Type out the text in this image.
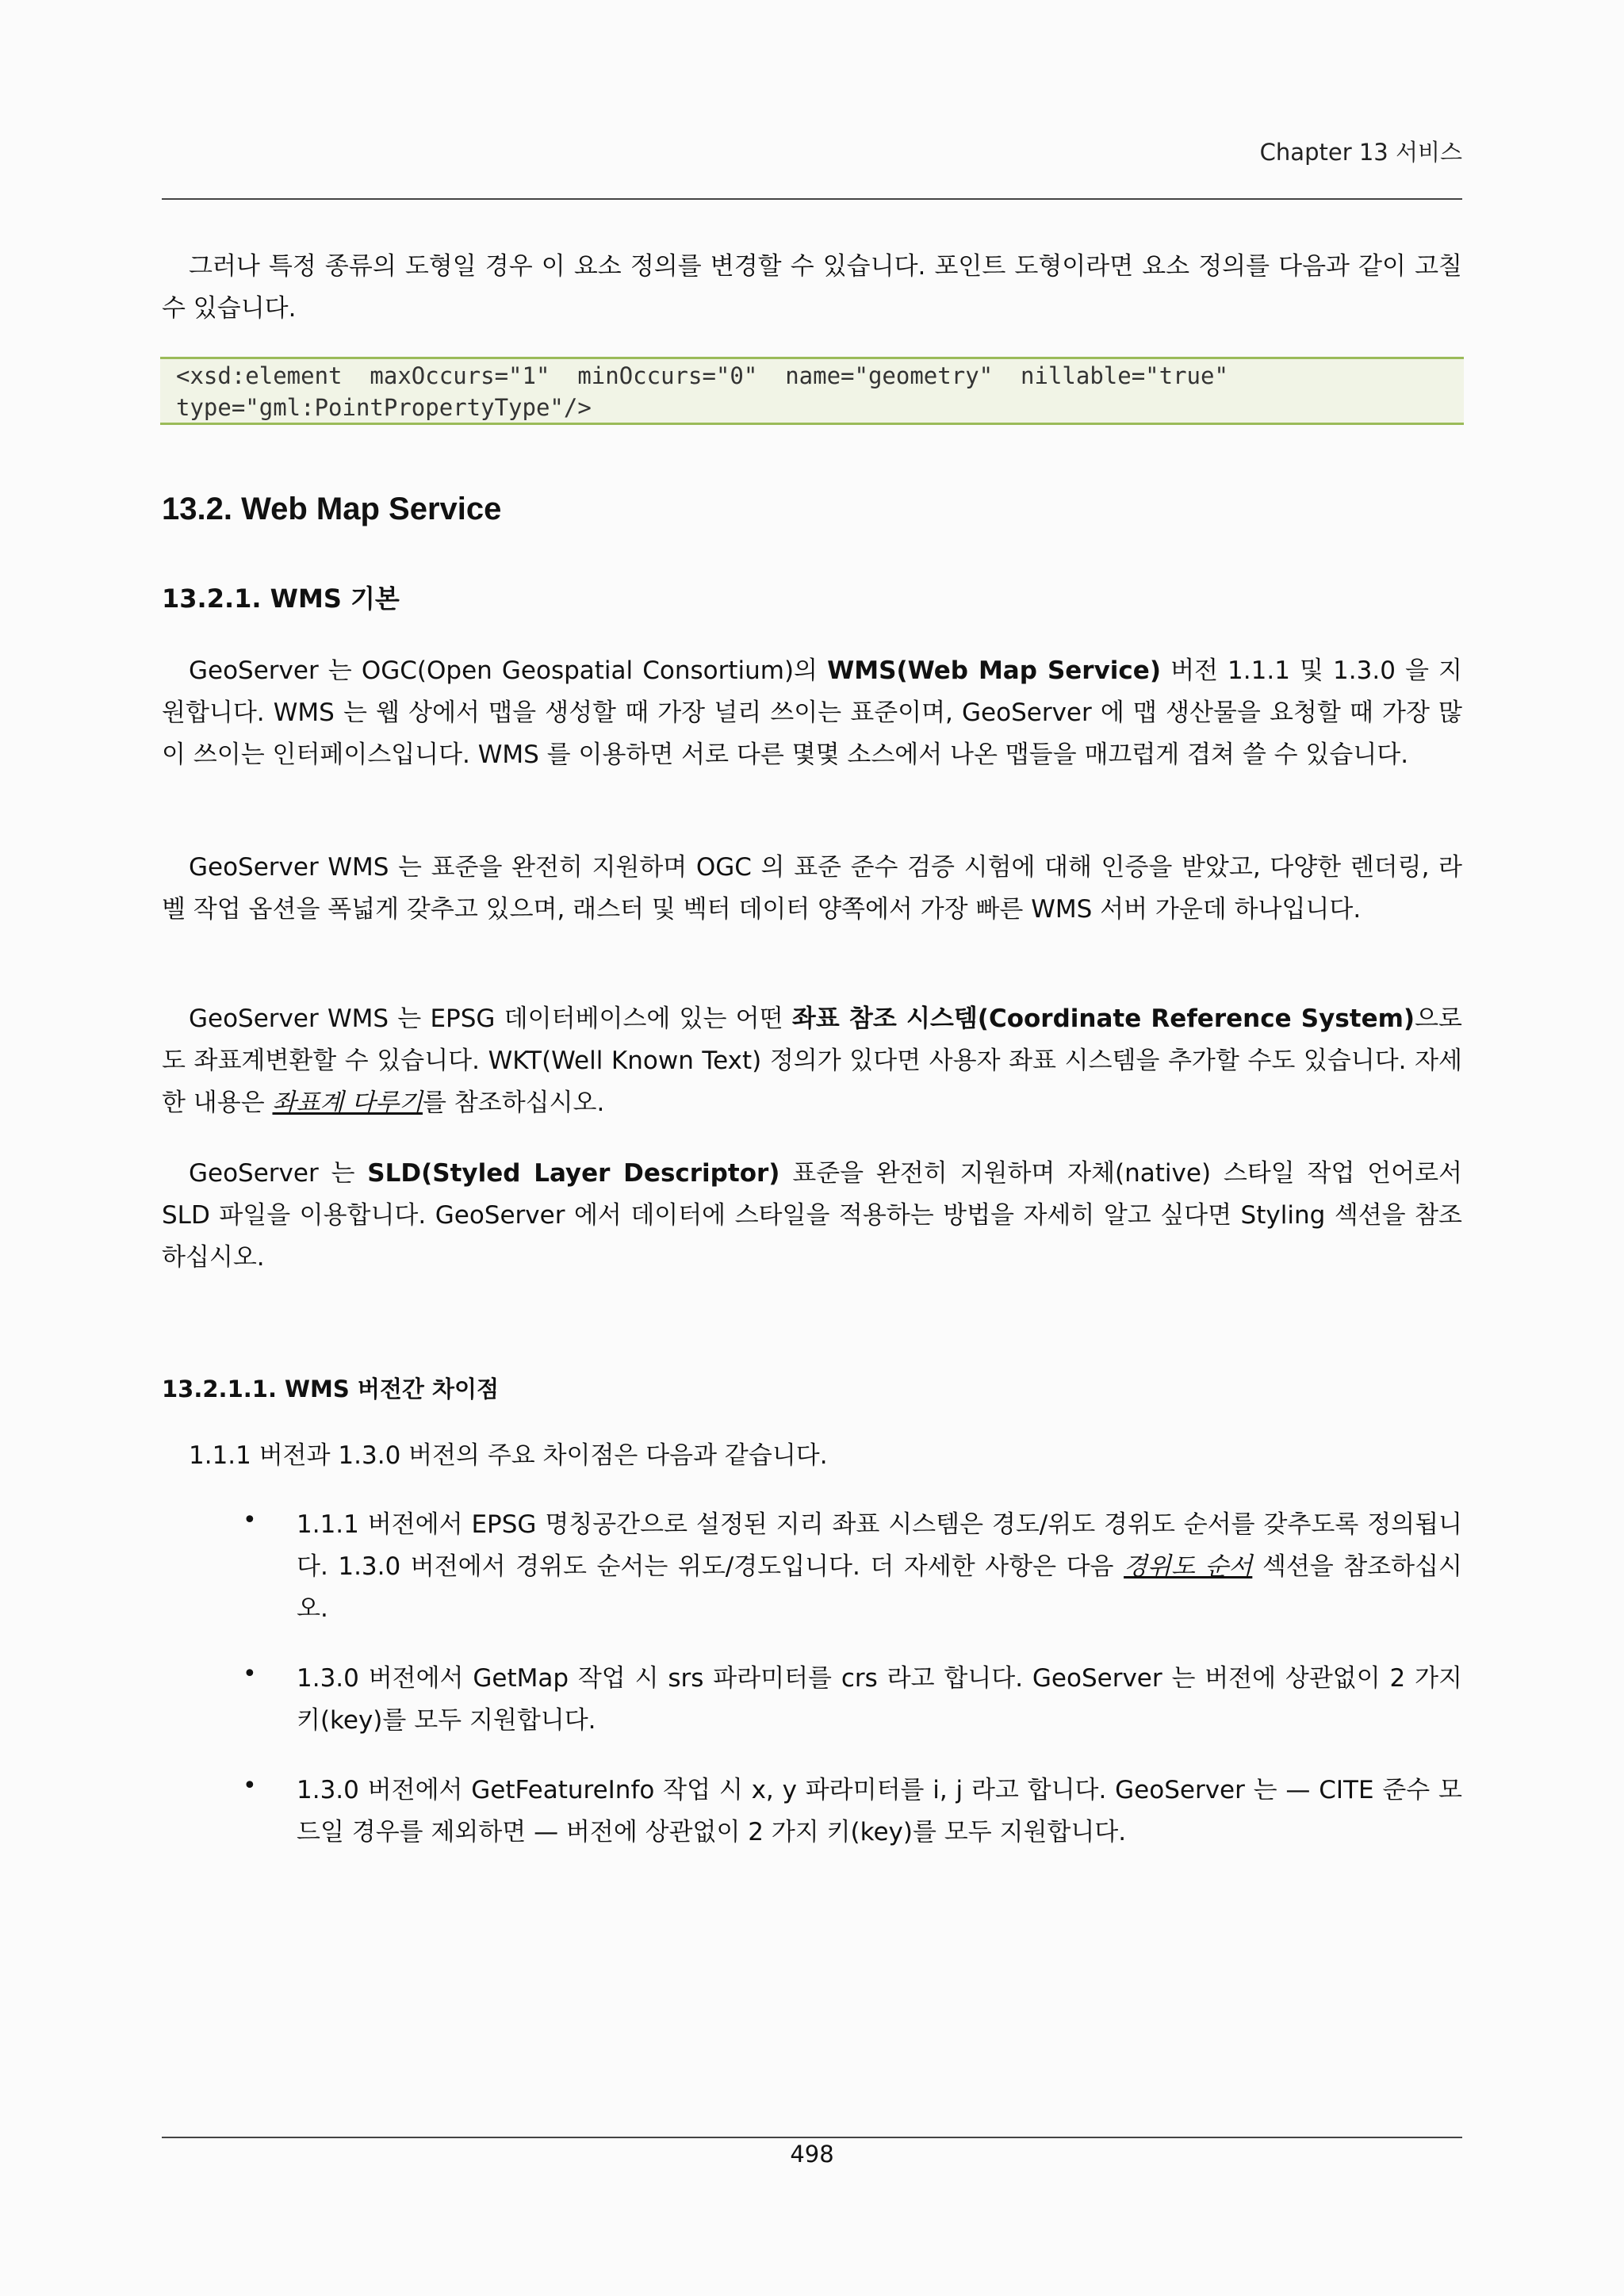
Chapter 13 서비스
그러나 특정 종류의 도형일 경우 이 요소 정의를 변경할 수 있습니다. 포인트 도형이라면 요소 정의를 다음과 같이 고칠 수 있습니다.
<xsd:element  maxOccurs="1"  minOccurs="0"  name="geometry"  nillable="true"
type="gml:PointPropertyType"/>
13.2. Web Map Service
13.2.1. WMS 기본
GeoServer 는 OGC(Open Geospatial Consortium)의 WMS(Web Map Service) 버전 1.1.1 및 1.3.0 을 지원합니다. WMS 는 웹 상에서 맵을 생성할 때 가장 널리 쓰이는 표준이며, GeoServer 에 맵 생산물을 요청할 때 가장 많이 쓰이는 인터페이스입니다. WMS 를 이용하면 서로 다른 몇몇 소스에서 나온 맵들을 매끄럽게 겹쳐 쓸 수 있습니다.
GeoServer WMS 는 표준을 완전히 지원하며 OGC 의 표준 준수 검증 시험에 대해 인증을 받았고, 다양한 렌더링, 라벨 작업 옵션을 폭넓게 갖추고 있으며, 래스터 및 벡터 데이터 양쪽에서 가장 빠른 WMS 서버 가운데 하나입니다.
GeoServer WMS 는 EPSG 데이터베이스에 있는 어떤 좌표 참조 시스템(Coordinate Reference System)으로도 좌표계변환할 수 있습니다. WKT(Well Known Text) 정의가 있다면 사용자 좌표 시스템을 추가할 수도 있습니다. 자세한 내용은 좌표계 다루기를 참조하십시오.
GeoServer 는 SLD(Styled Layer Descriptor) 표준을 완전히 지원하며 자체(native) 스타일 작업 언어로서 SLD 파일을 이용합니다. GeoServer 에서 데이터에 스타일을 적용하는 방법을 자세히 알고 싶다면 Styling 섹션을 참조하십시오.
13.2.1.1. WMS 버전간 차이점
1.1.1 버전과 1.3.0 버전의 주요 차이점은 다음과 같습니다.
• 1.1.1 버전에서 EPSG 명칭공간으로 설정된 지리 좌표 시스템은 경도/위도 경위도 순서를 갖추도록 정의됩니다. 1.3.0 버전에서 경위도 순서는 위도/경도입니다. 더 자세한 사항은 다음 경위도 순서 섹션을 참조하십시오.
• 1.3.0 버전에서 GetMap 작업 시 srs 파라미터를 crs 라고 합니다. GeoServer 는 버전에 상관없이 2 가지 키(key)를 모두 지원합니다.
• 1.3.0 버전에서 GetFeatureInfo 작업 시 x, y 파라미터를 i, j 라고 합니다. GeoServer 는 — CITE 준수 모드일 경우를 제외하면 — 버전에 상관없이 2 가지 키(key)를 모두 지원합니다.
498
